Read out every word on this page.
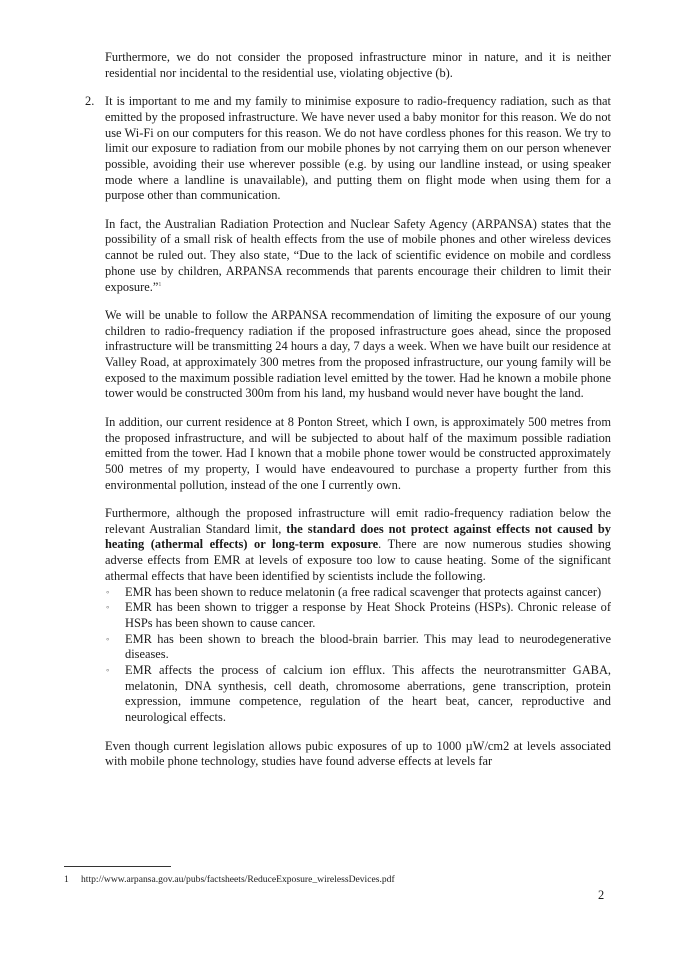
Furthermore, we do not consider the proposed infrastructure minor in nature, and it is neither residential nor incidental to the residential use, violating objective (b).

2. It is important to me and my family to minimise exposure to radio-frequency radiation, such as that emitted by the proposed infrastructure. We have never used a baby monitor for this reason. We do not use Wi-Fi on our computers for this reason. We do not have cordless phones for this reason. We try to limit our exposure to radiation from our mobile phones by not carrying them on our person whenever possible, avoiding their use wherever possible (e.g. by using our landline instead, or using speaker mode where a landline is unavailable), and putting them on flight mode when using them for a purpose other than communication.

In fact, the Australian Radiation Protection and Nuclear Safety Agency (ARPANSA) states that the possibility of a small risk of health effects from the use of mobile phones and other wireless devices cannot be ruled out. They also state, “Due to the lack of scientific evidence on mobile and cordless phone use by children, ARPANSA recommends that parents encourage their children to limit their exposure.”$^1$

We will be unable to follow the ARPANSA recommendation of limiting the exposure of our young children to radio-frequency radiation if the proposed infrastructure goes ahead, since the proposed infrastructure will be transmitting 24 hours a day, 7 days a week. When we have built our residence at Valley Road, at approximately 300 metres from the proposed infrastructure, our young family will be exposed to the maximum possible radiation level emitted by the tower. Had he known a mobile phone tower would be constructed 300m from his land, my husband would never have bought the land.

In addition, our current residence at 8 Ponton Street, which I own, is approximately 500 metres from the proposed infrastructure, and will be subjected to about half of the maximum possible radiation emitted from the tower. Had I known that a mobile phone tower would be constructed approximately 500 metres of my property, I would have endeavoured to purchase a property further from this environmental pollution, instead of the one I currently own.

Furthermore, although the proposed infrastructure will emit radio-frequency radiation below the relevant Australian Standard limit, the standard does not protect against effects not caused by heating (athermal effects) or long-term exposure. There are now numerous studies showing adverse effects from EMR at levels of exposure too low to cause heating. Some of the significant athermal effects that have been identified by scientists include the following.

◦ EMR has been shown to reduce melatonin (a free radical scavenger that protects against cancer)
◦ EMR has been shown to trigger a response by Heat Shock Proteins (HSPs). Chronic release of HSPs has been shown to cause cancer.
◦ EMR has been shown to breach the blood-brain barrier. This may lead to neurodegenerative diseases.
◦ EMR affects the process of calcium ion efflux. This affects the neurotransmitter GABA, melatonin, DNA synthesis, cell death, chromosome aberrations, gene transcription, protein expression, immune competence, regulation of the heart beat, cancer, reproductive and neurological effects.

Even though current legislation allows pubic exposures of up to 1000 µW/cm2 at levels associated with mobile phone technology, studies have found adverse effects at levels far

1 http://www.arpansa.gov.au/pubs/factsheets/ReduceExposure_wirelessDevices.pdf
2
